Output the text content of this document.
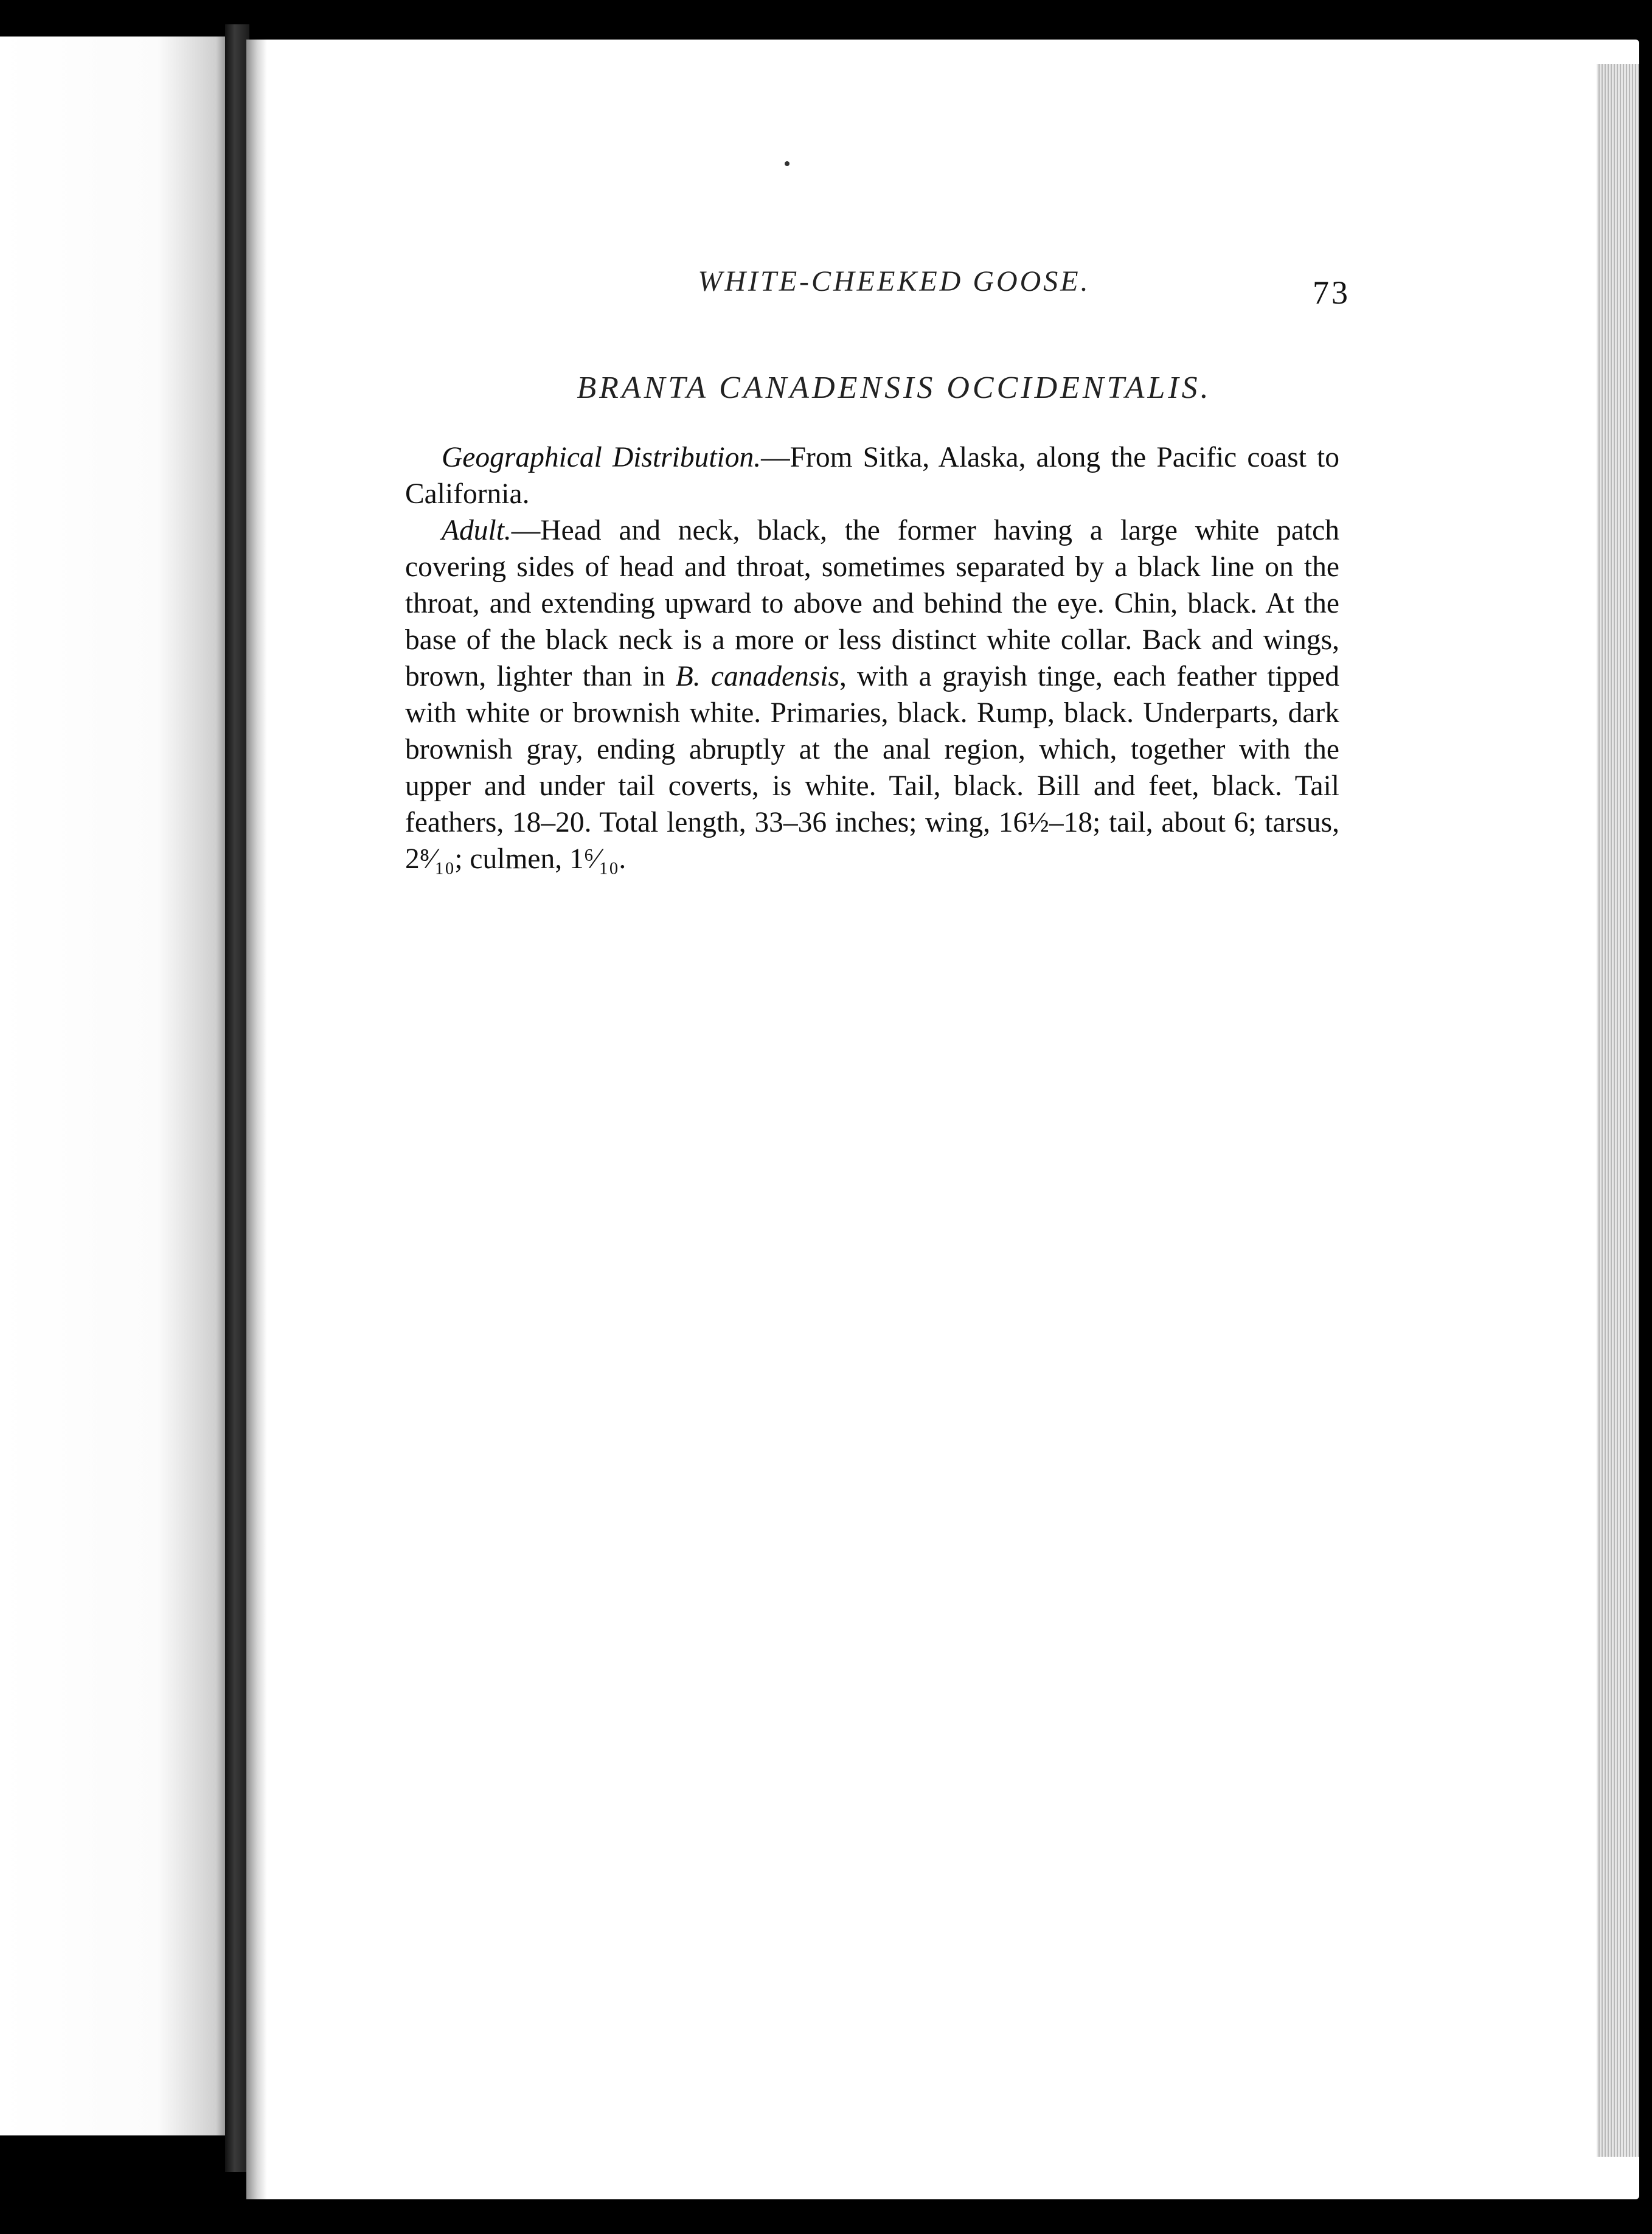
WHITE-CHEEKED GOOSE.	73
BRANTA CANADENSIS OCCIDENTALIS.

Geographical Distribution.—From Sitka, Alaska, along the Pacific coast to California.

Adult.—Head and neck, black, the former having a large white patch covering sides of head and throat, sometimes separated by a black line on the throat, and extending upward to above and behind the eye. Chin, black. At the base of the black neck is a more or less distinct white collar. Back and wings, brown, lighter than in B. canadensis, with a grayish tinge, each feather tipped with white or brownish white. Primaries, black. Rump, black. Underparts, dark brownish gray, ending abruptly at the anal region, which, together with the upper and under tail coverts, is white. Tail, black. Bill and feet, black. Tail feathers, 18–20. Total length, 33–36 inches; wing, 16½–18; tail, about 6; tarsus, 2⁸⁄₁₀; culmen, 1⁶⁄₁₀.
